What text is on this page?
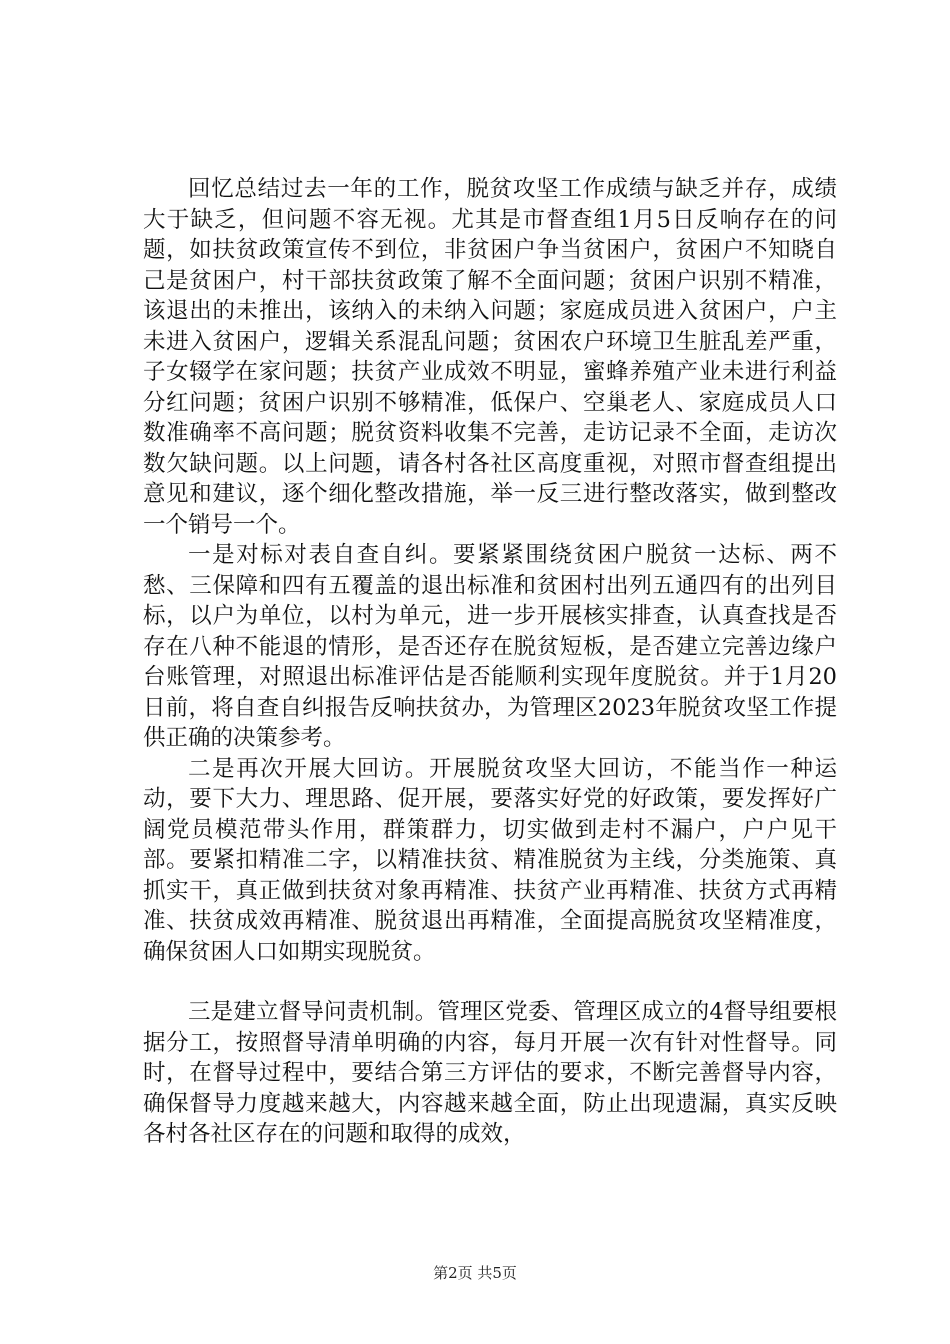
回忆总结过去一年的工作，脱贫攻坚工作成绩与缺乏并存，成绩大于缺乏，但问题不容无视。尤其是市督查组1月5日反响存在的问题，如扶贫政策宣传不到位，非贫困户争当贫困户，贫困户不知晓自己是贫困户，村干部扶贫政策了解不全面问题；贫困户识别不精准，该退出的未推出，该纳入的未纳入问题；家庭成员进入贫困户，户主未进入贫困户，逻辑关系混乱问题；贫困农户环境卫生脏乱差严重，子女辍学在家问题；扶贫产业成效不明显，蜜蜂养殖产业未进行利益分红问题；贫困户识别不够精准，低保户、空巢老人、家庭成员人口数准确率不高问题；脱贫资料收集不完善，走访记录不全面，走访次数欠缺问题。以上问题，请各村各社区高度重视，对照市督查组提出意见和建议，逐个细化整改措施，举一反三进行整改落实，做到整改一个销号一个。

一是对标对表自查自纠。要紧紧围绕贫困户脱贫一达标、两不愁、三保障和四有五覆盖的退出标准和贫困村出列五通四有的出列目标，以户为单位，以村为单元，进一步开展核实排查，认真查找是否存在八种不能退的情形，是否还存在脱贫短板，是否建立完善边缘户台账管理，对照退出标准评估是否能顺利实现年度脱贫。并于1月20日前，将自查自纠报告反响扶贫办，为管理区2023年脱贫攻坚工作提供正确的决策参考。

二是再次开展大回访。开展脱贫攻坚大回访，不能当作一种运动，要下大力、理思路、促开展，要落实好党的好政策，要发挥好广阔党员模范带头作用，群策群力，切实做到走村不漏户，户户见干部。要紧扣精准二字，以精准扶贫、精准脱贫为主线，分类施策、真抓实干，真正做到扶贫对象再精准、扶贫产业再精准、扶贫方式再精准、扶贫成效再精准、脱贫退出再精准，全面提高脱贫攻坚精准度，确保贫困人口如期实现脱贫。

三是建立督导问责机制。管理区党委、管理区成立的4督导组要根据分工，按照督导清单明确的内容，每月开展一次有针对性督导。同时，在督导过程中，要结合第三方评估的要求，不断完善督导内容，确保督导力度越来越大，内容越来越全面，防止出现遗漏，真实反映各村各社区存在的问题和取得的成效，

第2页 共5页
